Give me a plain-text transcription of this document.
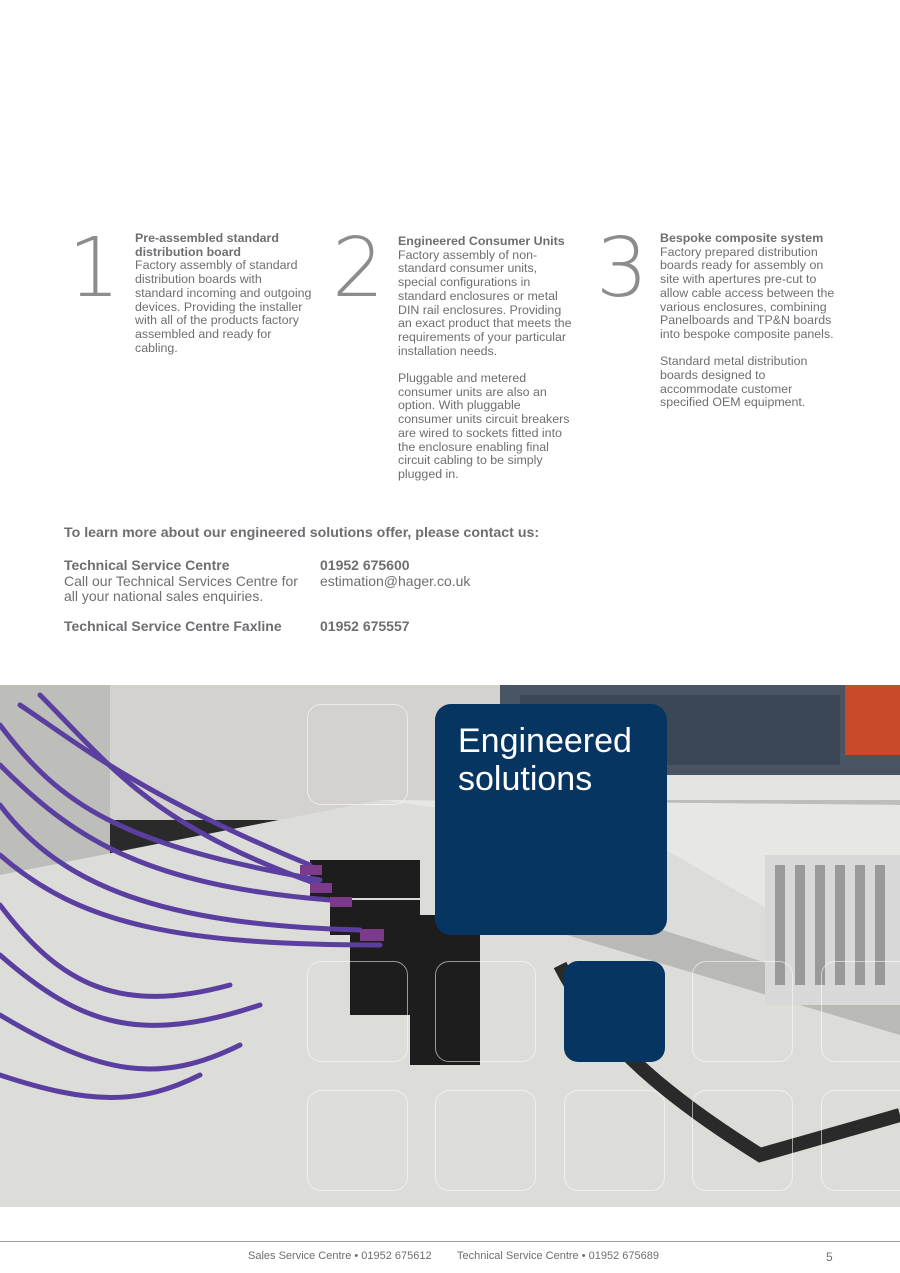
1 Pre-assembled standard distribution board

Factory assembly of standard distribution boards with standard incoming and outgoing devices. Providing the installer with all of the products factory assembled and ready for cabling.

2 Engineered Consumer Units

Factory assembly of non-standard consumer units, special configurations in standard enclosures or metal DIN rail enclosures. Providing an exact product that meets the requirements of your particular installation needs.

Pluggable and metered consumer units are also an option. With pluggable consumer units circuit breakers are wired to sockets fitted into the enclosure enabling final circuit cabling to be simply plugged in.

3 Bespoke composite system

Factory prepared distribution boards ready for assembly on site with apertures pre-cut to allow cable access between the various enclosures, combining Panelboards and TP&N boards into bespoke composite panels.

Standard metal distribution boards designed to accommodate customer specified OEM equipment.

To learn more about our engineered solutions offer, please contact us:
Technical Service Centre
Call our Technical Services Centre for all your national sales enquiries.
01952 675600
estimation@hager.co.uk
Technical Service Centre Faxline	01952 675557
Engineered solutions
Sales Service Centre • 01952 675612 Technical Service Centre • 01952 675689	5
